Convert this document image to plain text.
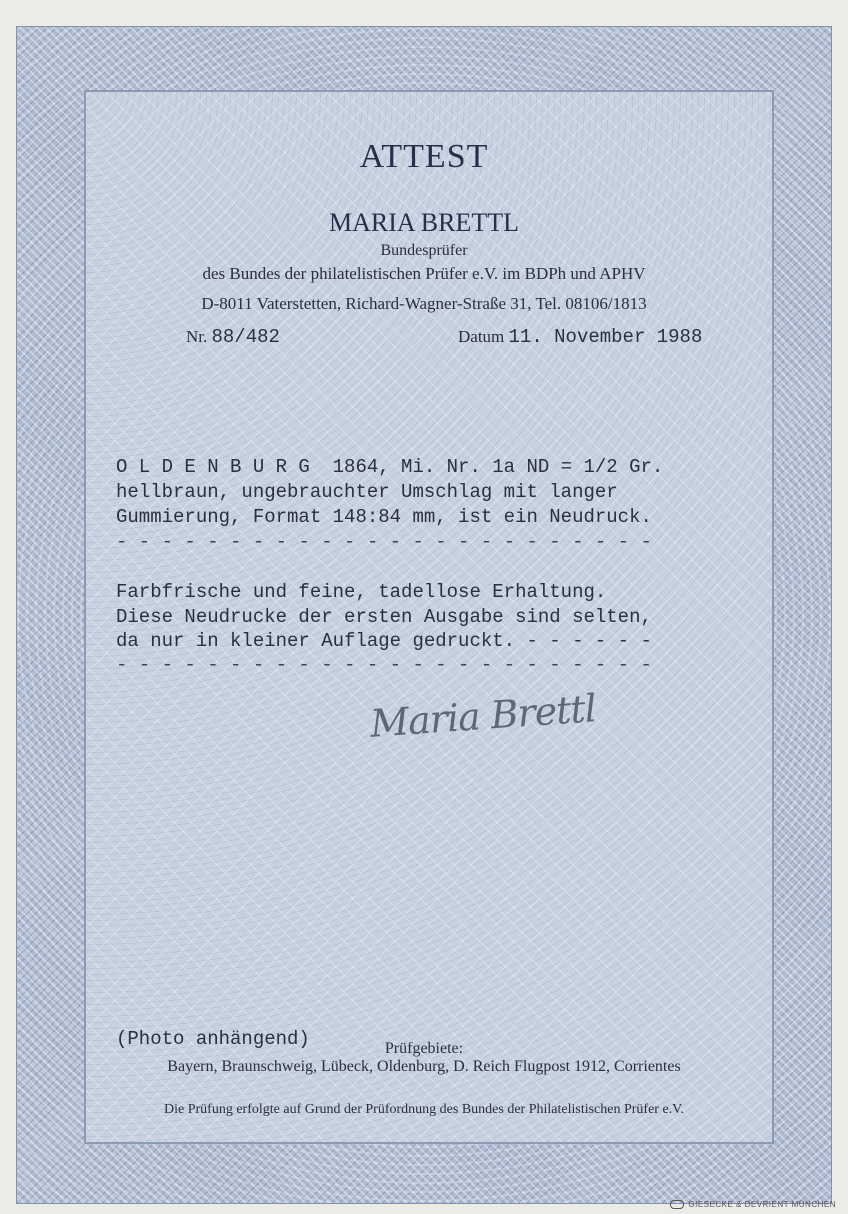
ATTEST
MARIA BRETTL
Bundesprüfer
des Bundes der philatelistischen Prüfer e.V. im BDPh und APHV
D-8011 Vaterstetten, Richard-Wagner-Straße 31, Tel. 08106/1813
Nr. 88/482	Datum 11. November 1988
O L D E N B U R G  1864, Mi. Nr. 1a ND = 1/2 Gr.
hellbraun, ungebrauchter Umschlag mit langer
Gummierung, Format 148:84 mm, ist ein Neudruck.
- - - - - - - - - - - - - - - - - - - - - - - -
Farbfrische und feine, tadellose Erhaltung.
Diese Neudrucke der ersten Ausgabe sind selten,
da nur in kleiner Auflage gedruckt. - - - - - -
- - - - - - - - - - - - - - - - - - - - - - - -
Maria Brettl
(Photo anhängend)	Prüfgebiete:
Bayern, Braunschweig, Lübeck, Oldenburg, D. Reich Flugpost 1912, Corrientes
Die Prüfung erfolgte auf Grund der Prüfordnung des Bundes der Philatelistischen Prüfer e.V.
GIESECKE & DEVRIENT MÜNCHEN
